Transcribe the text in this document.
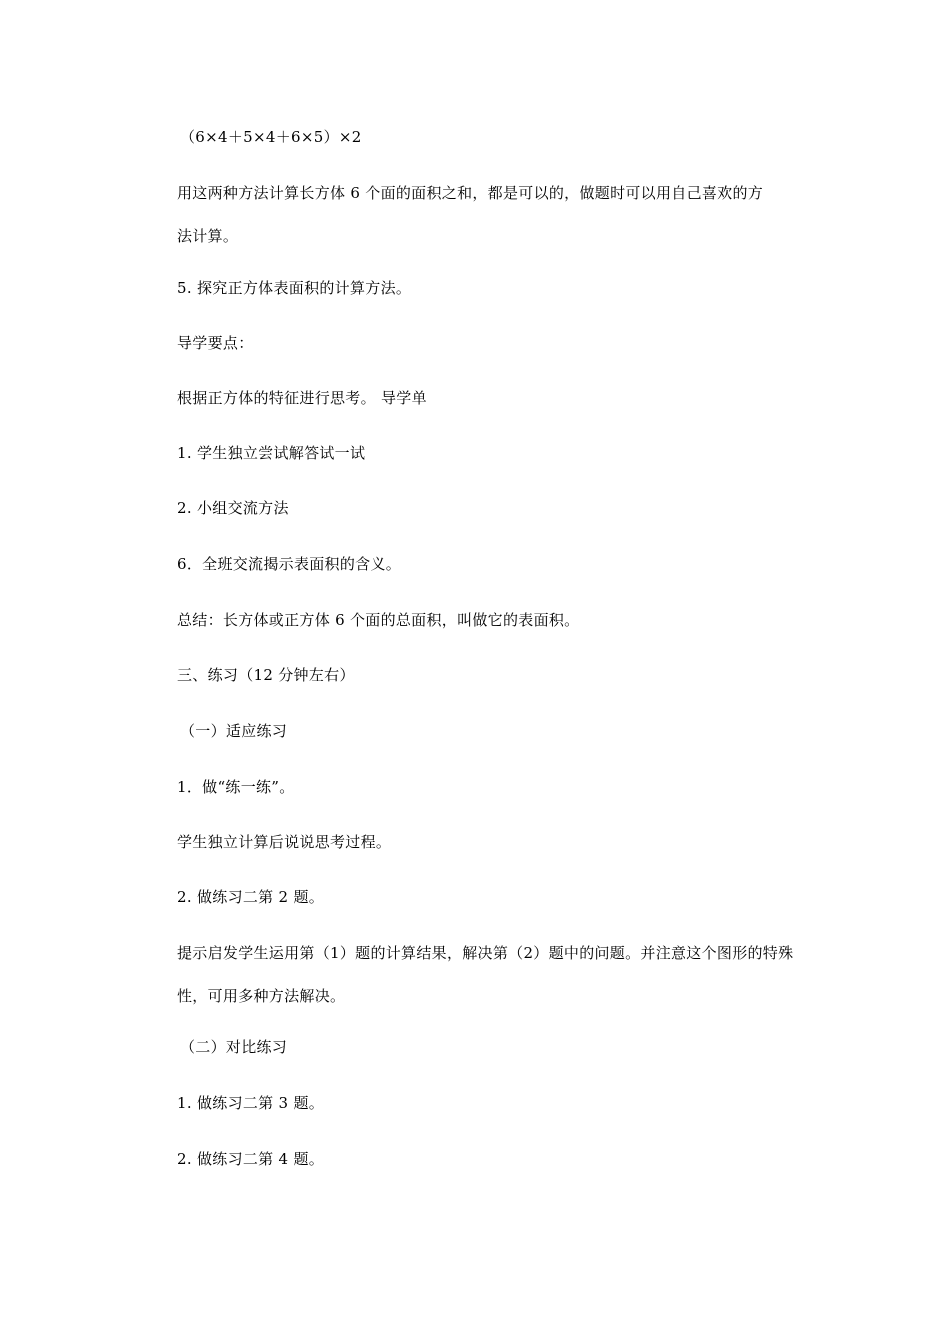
（6×4＋5×4＋6×5）×2
用这两种方法计算长方体 6 个面的面积之和，都是可以的，做题时可以用自己喜欢的方
法计算。
5. 探究正方体表面积的计算方法。
导学要点：
根据正方体的特征进行思考。 导学单
1. 学生独立尝试解答试一试
2. 小组交流方法
6．全班交流揭示表面积的含义。
总结：长方体或正方体 6 个面的总面积，叫做它的表面积。
三、练习（12 分钟左右）
（一）适应练习
1．做“练一练”。
学生独立计算后说说思考过程。
2. 做练习二第 2 题。
提示启发学生运用第（1）题的计算结果，解决第（2）题中的问题。并注意这个图形的特殊
性，可用多种方法解决。
（二）对比练习
1. 做练习二第 3 题。
2. 做练习二第 4 题。
